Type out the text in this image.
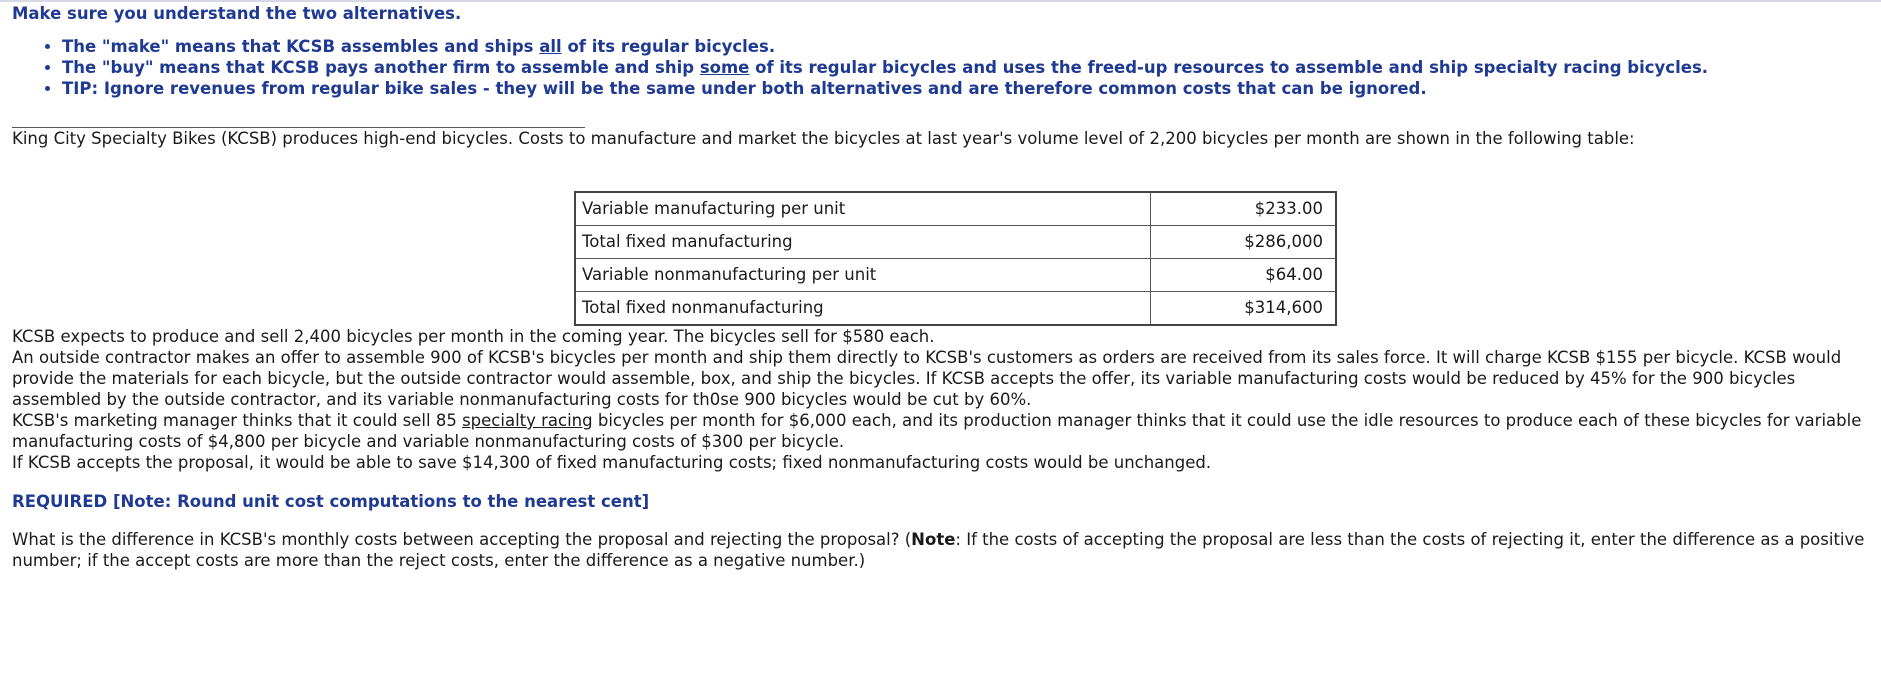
Make sure you understand the two alternatives.

• The "make" means that KCSB assembles and ships all of its regular bicycles.
• The "buy" means that KCSB pays another firm to assemble and ship some of its regular bicycles and uses the freed-up resources to assemble and ship specialty racing bicycles.
• TIP: Ignore revenues from regular bike sales - they will be the same under both alternatives and are therefore common costs that can be ignored.

King City Specialty Bikes (KCSB) produces high-end bicycles. Costs to manufacture and market the bicycles at last year's volume level of 2,200 bicycles per month are shown in the following table:

Variable manufacturing per unit	$233.00
Total fixed manufacturing	$286,000
Variable nonmanufacturing per unit	$64.00
Total fixed nonmanufacturing	$314,600

KCSB expects to produce and sell 2,400 bicycles per month in the coming year. The bicycles sell for $580 each.

An outside contractor makes an offer to assemble 900 of KCSB's bicycles per month and ship them directly to KCSB's customers as orders are received from its sales force. It will charge KCSB $155 per bicycle. KCSB would provide the materials for each bicycle, but the outside contractor would assemble, box, and ship the bicycles. If KCSB accepts the offer, its variable manufacturing costs would be reduced by 45% for the 900 bicycles assembled by the outside contractor, and its variable nonmanufacturing costs for th0se 900 bicycles would be cut by 60%.

KCSB's marketing manager thinks that it could sell 85 specialty racing bicycles per month for $6,000 each, and its production manager thinks that it could use the idle resources to produce each of these bicycles for variable manufacturing costs of $4,800 per bicycle and variable nonmanufacturing costs of $300 per bicycle.

If KCSB accepts the proposal, it would be able to save $14,300 of fixed manufacturing costs; fixed nonmanufacturing costs would be unchanged.

REQUIRED [Note: Round unit cost computations to the nearest cent]

What is the difference in KCSB's monthly costs between accepting the proposal and rejecting the proposal? (Note: If the costs of accepting the proposal are less than the costs of rejecting it, enter the difference as a positive number; if the accept costs are more than the reject costs, enter the difference as a negative number.)
